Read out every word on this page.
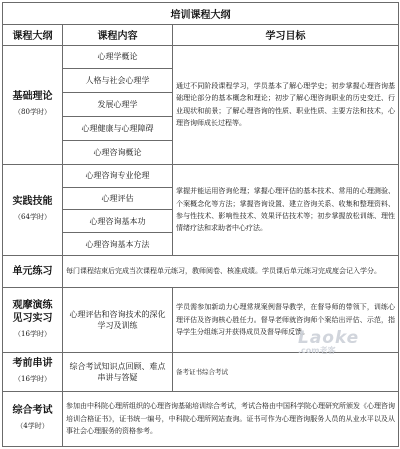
培训课程大纲		
课程大纲	课程内容	学习目标
基础理论
（80学时）	心理学概论	通过不同阶段课程学习，学员基本了解心理学史；初步掌握心理咨询基础理论部分的基本概念和理论；初步了解心理咨询职业的历史变迁、行业现状和前景；了解心理咨询的性质、职业性质、主要方法和技术，心理咨询师成长过程等。
	人格与社会心理学	
	发展心理学	
	心理健康与心理障碍	
	心理咨询概论	
实践技能
（64学时）	心理咨询专业伦理	掌握并能运用咨询伦理；掌握心理评估的基本技术、常用的心理测验、个案概念化等方法；掌握咨询设置、建立咨询关系、收集和整理资料、参与性技术、影响性技术、效果评估技术等；初步掌握放松训练、理性情绪疗法和求助者中心疗法。
	心理评估	
	心理咨询基本功	
	心理咨询基本方法	
单元练习	每门课程结束后完成当次课程单元练习，教师阅卷、核准成绩。学员课后单元练习完成度会记入学分。	
观摩演练
见习实习
（16学时）	心理评估和咨询技术的深化学习及训练	学员需参加新动力心理常规案例督导教学，在督导师的带领下，训练心理评估及咨询核心胜任力。督导老师就咨询师个案给出评估、示范，指导学生分组练习并获得成员及督导师反馈。
考前串讲
（16学时）	综合考试知识点回顾、难点串讲与答疑	备考证书综合考试
综合考试
（4学时）	参加由中科院心理所组织的心理咨询基础培训综合考试，考试合格由中国科学院心理研究所颁发《心理咨询培训合格证书》，证书统一编号，中科院心理所网站查询。证书可作为心理咨询服务人员的从业水平以及从事社会心理服务的资格参考。	
Laoke
.com老客
